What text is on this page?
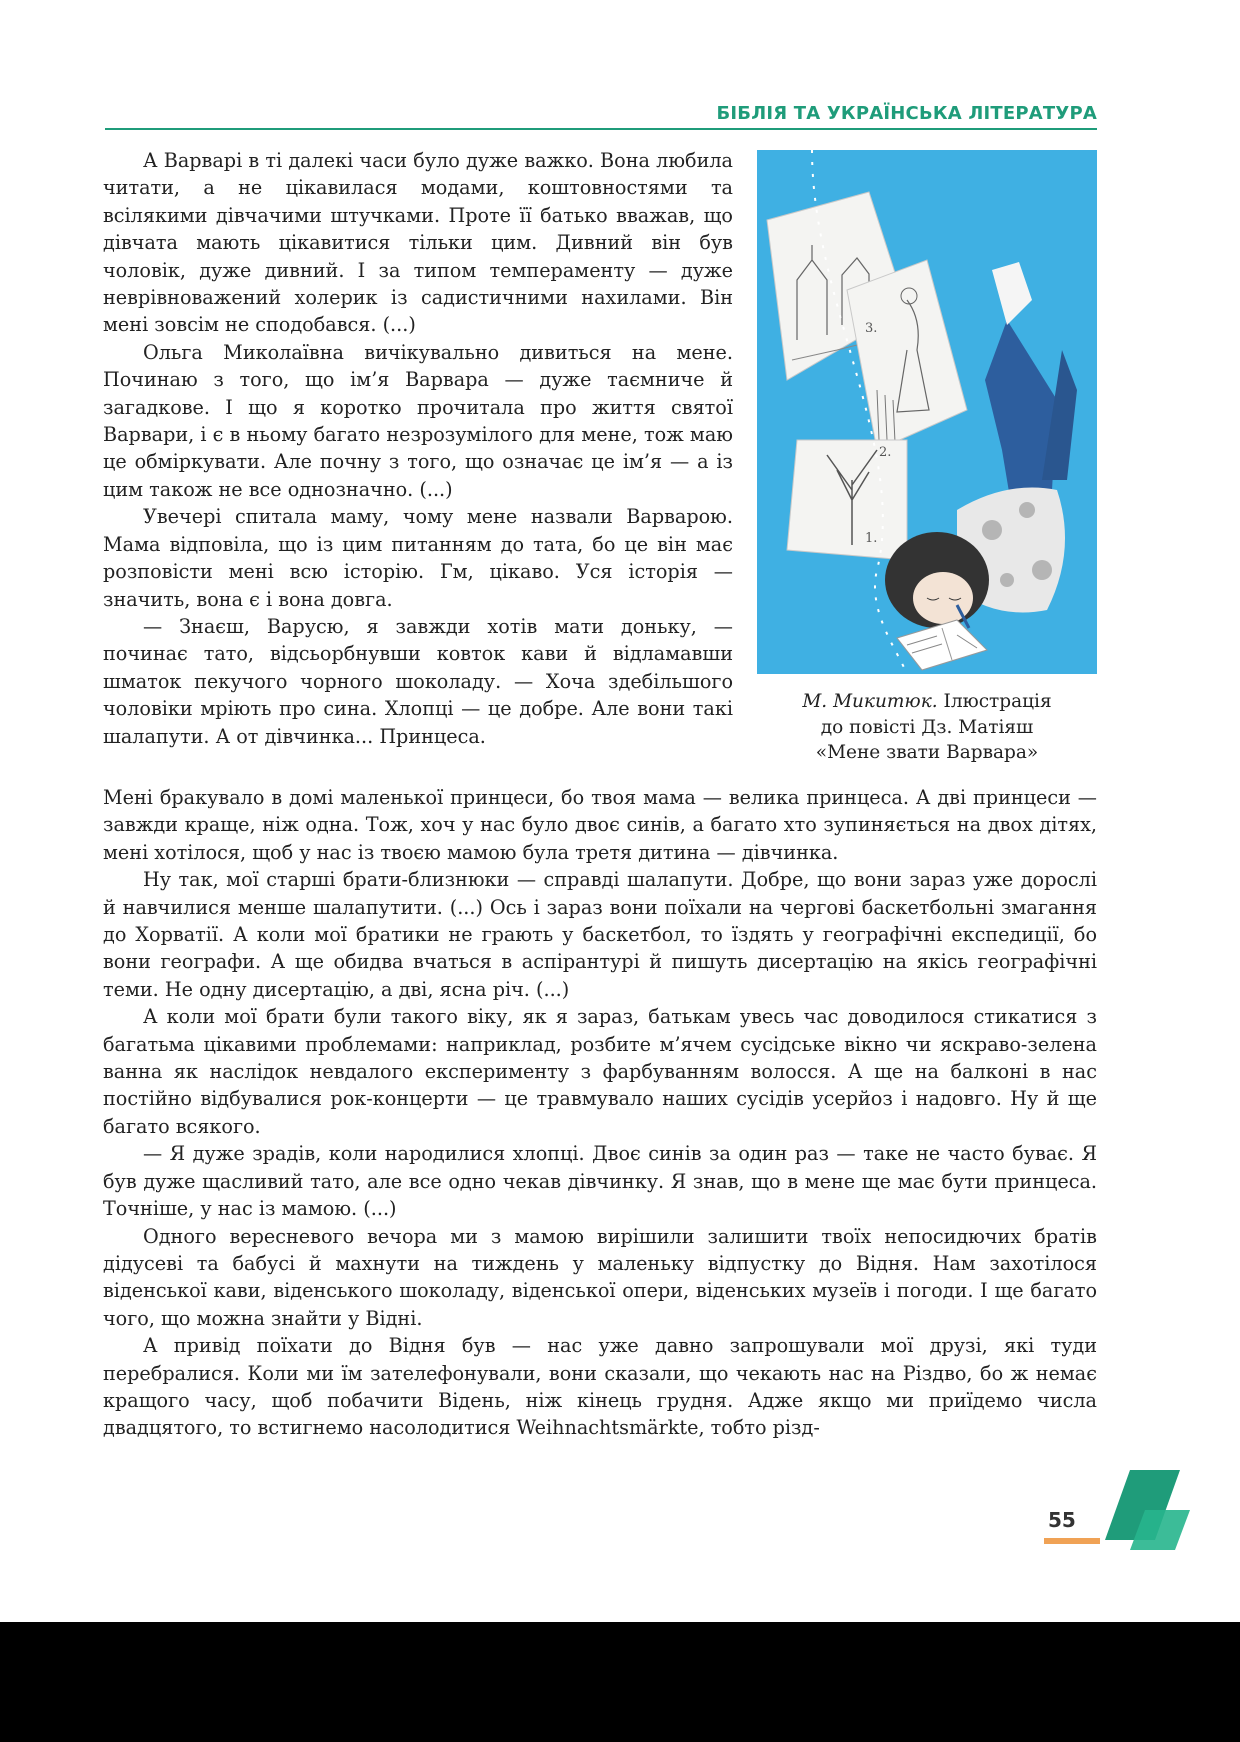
БІБЛІЯ ТА УКРАЇНСЬКА ЛІТЕРАТУРА

А Варварі в ті далекі часи було дуже важко. Вона любила читати, а не цікавилася модами, коштовностями та всілякими дівчачими штучками. Проте її батько вважав, що дівчата мають цікавитися тільки цим. Дивний він був чоловік, дуже дивний. І за типом темпераменту — дуже неврівноважений холерик із садистичними нахилами. Він мені зовсім не сподобався. (...)

Ольга Миколаївна вичікувально дивиться на мене. Починаю з того, що ім’я Варвара — дуже таємниче й загадкове. І що я коротко прочитала про життя святої Варвари, і є в ньому багато незрозумілого для мене, тож маю це обміркувати. Але почну з того, що означає це ім’я — а із цим також не все однозначно. (...)

Увечері спитала маму, чому мене назвали Варварою. Мама відповіла, що із цим питанням до тата, бо це він має розповісти мені всю історію. Гм, цікаво. Уся історія — значить, вона є і вона довга.

— Знаєш, Варусю, я завжди хотів мати доньку, — починає тато, відсьорбнувши ковток кави й відламавши шматок пекучого чорного шоколаду. — Хоча здебільшого чоловіки мріють про сина. Хлопці — це добре. Але вони такі шалапути. А от дівчинка... Принцеса.

3.
2.
1.
М. Микитюк. Ілюстрація
до повісті Дз. Матіяш
«Мене звати Варвара»

Мені бракувало в домі маленької принцеси, бо твоя мама — велика принцеса. А дві принцеси — завжди краще, ніж одна. Тож, хоч у нас було двоє синів, а багато хто зупиняється на двох дітях, мені хотілося, щоб у нас із твоєю мамою була третя дитина — дівчинка.

Ну так, мої старші брати-близнюки — справді шалапути. Добре, що вони зараз уже дорослі й навчилися менше шалапутити. (...) Ось і зараз вони поїхали на чергові баскетбольні змагання до Хорватії. А коли мої братики не грають у баскетбол, то їздять у географічні експедиції, бо вони географи. А ще обидва вчаться в аспірантурі й пишуть дисертацію на якісь географічні теми. Не одну дисертацію, а дві, ясна річ. (...)

А коли мої брати були такого віку, як я зараз, батькам увесь час доводилося стикатися з багатьма цікавими проблемами: наприклад, розбите м’ячем сусідське вікно чи яскраво-зелена ванна як наслідок невдалого експерименту з фарбуванням волосся. А ще на балконі в нас постійно відбувалися рок-концерти — це травмувало наших сусідів усерйоз і надовго. Ну й ще багато всякого.

— Я дуже зрадів, коли народилися хлопці. Двоє синів за один раз — таке не часто буває. Я був дуже щасливий тато, але все одно чекав дівчинку. Я знав, що в мене ще має бути принцеса. Точніше, у нас із мамою. (...)

Одного вересневого вечора ми з мамою вирішили залишити твоїх непосидючих братів дідусеві та бабусі й махнути на тиждень у маленьку відпустку до Відня. Нам захотілося віденської кави, віденського шоколаду, віденської опери, віденських музеїв і погоди. І ще багато чого, що можна знайти у Відні.

А привід поїхати до Відня був — нас уже давно запрошували мої друзі, які туди перебралися. Коли ми їм зателефонували, вони сказали, що чекають нас на Різдво, бо ж немає кращого часу, щоб побачити Відень, ніж кінець грудня. Адже якщо ми приїдемо числа двадцятого, то встигнемо насолодитися Weihnachtsmärkte, тобто різд-

55
